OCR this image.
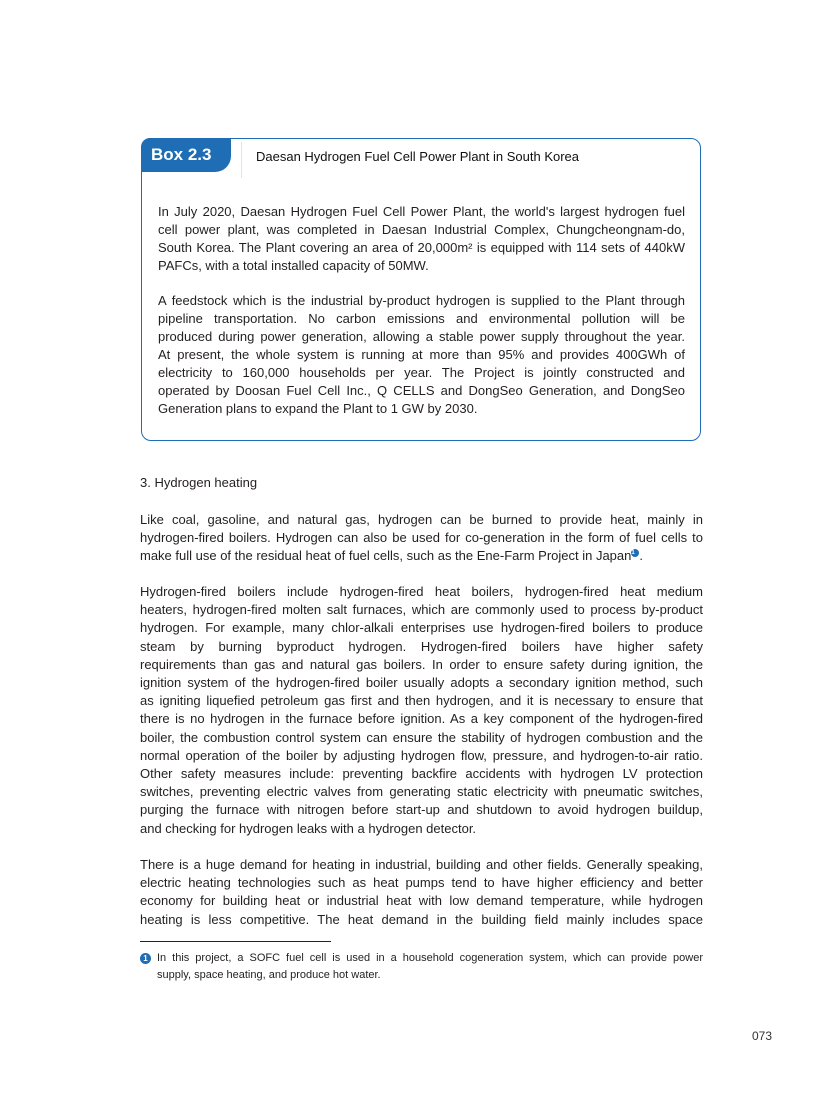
Box 2.3	Daesan Hydrogen Fuel Cell Power Plant in South Korea
In July 2020, Daesan Hydrogen Fuel Cell Power Plant, the world's largest hydrogen fuel
cell power plant, was completed in Daesan Industrial Complex, Chungcheongnam-do,
South Korea. The Plant covering an area of 20,000m² is equipped with 114 sets of 440kW
PAFCs, with a total installed capacity of 50MW.
A feedstock which is the industrial by-product hydrogen is supplied to the Plant through
pipeline transportation. No carbon emissions and environmental pollution will be
produced during power generation, allowing a stable power supply throughout the year.
At present, the whole system is running at more than 95% and provides 400GWh of
electricity to 160,000 households per year. The Project is jointly constructed and
operated by Doosan Fuel Cell Inc., Q CELLS and DongSeo Generation, and DongSeo
Generation plans to expand the Plant to 1 GW by 2030.
3. Hydrogen heating
Like coal, gasoline, and natural gas, hydrogen can be burned to provide heat, mainly in
hydrogen-fired boilers. Hydrogen can also be used for co-generation in the form of fuel cells to
make full use of the residual heat of fuel cells, such as the Ene-Farm Project in Japan1 .
Hydrogen-fired boilers include hydrogen-fired heat boilers, hydrogen-fired heat medium
heaters, hydrogen-fired molten salt furnaces, which are commonly used to process by-product
hydrogen. For example, many chlor-alkali enterprises use hydrogen-fired boilers to produce
steam by burning byproduct hydrogen. Hydrogen-fired boilers have higher safety
requirements than gas and natural gas boilers. In order to ensure safety during ignition, the
ignition system of the hydrogen-fired boiler usually adopts a secondary ignition method, such
as igniting liquefied petroleum gas first and then hydrogen, and it is necessary to ensure that
there is no hydrogen in the furnace before ignition. As a key component of the hydrogen-fired
boiler, the combustion control system can ensure the stability of hydrogen combustion and the
normal operation of the boiler by adjusting hydrogen flow, pressure, and hydrogen-to-air ratio.
Other safety measures include: preventing backfire accidents with hydrogen LV protection
switches, preventing electric valves from generating static electricity with pneumatic switches,
purging the furnace with nitrogen before start-up and shutdown to avoid hydrogen buildup,
and checking for hydrogen leaks with a hydrogen detector.
There is a huge demand for heating in industrial, building and other fields. Generally speaking,
electric heating technologies such as heat pumps tend to have higher efficiency and better
economy for building heat or industrial heat with low demand temperature, while hydrogen
heating is less competitive. The heat demand in the building field mainly includes space
1 In this project, a SOFC fuel cell is used in a household cogeneration system, which can provide power
supply, space heating, and produce hot water.
073
